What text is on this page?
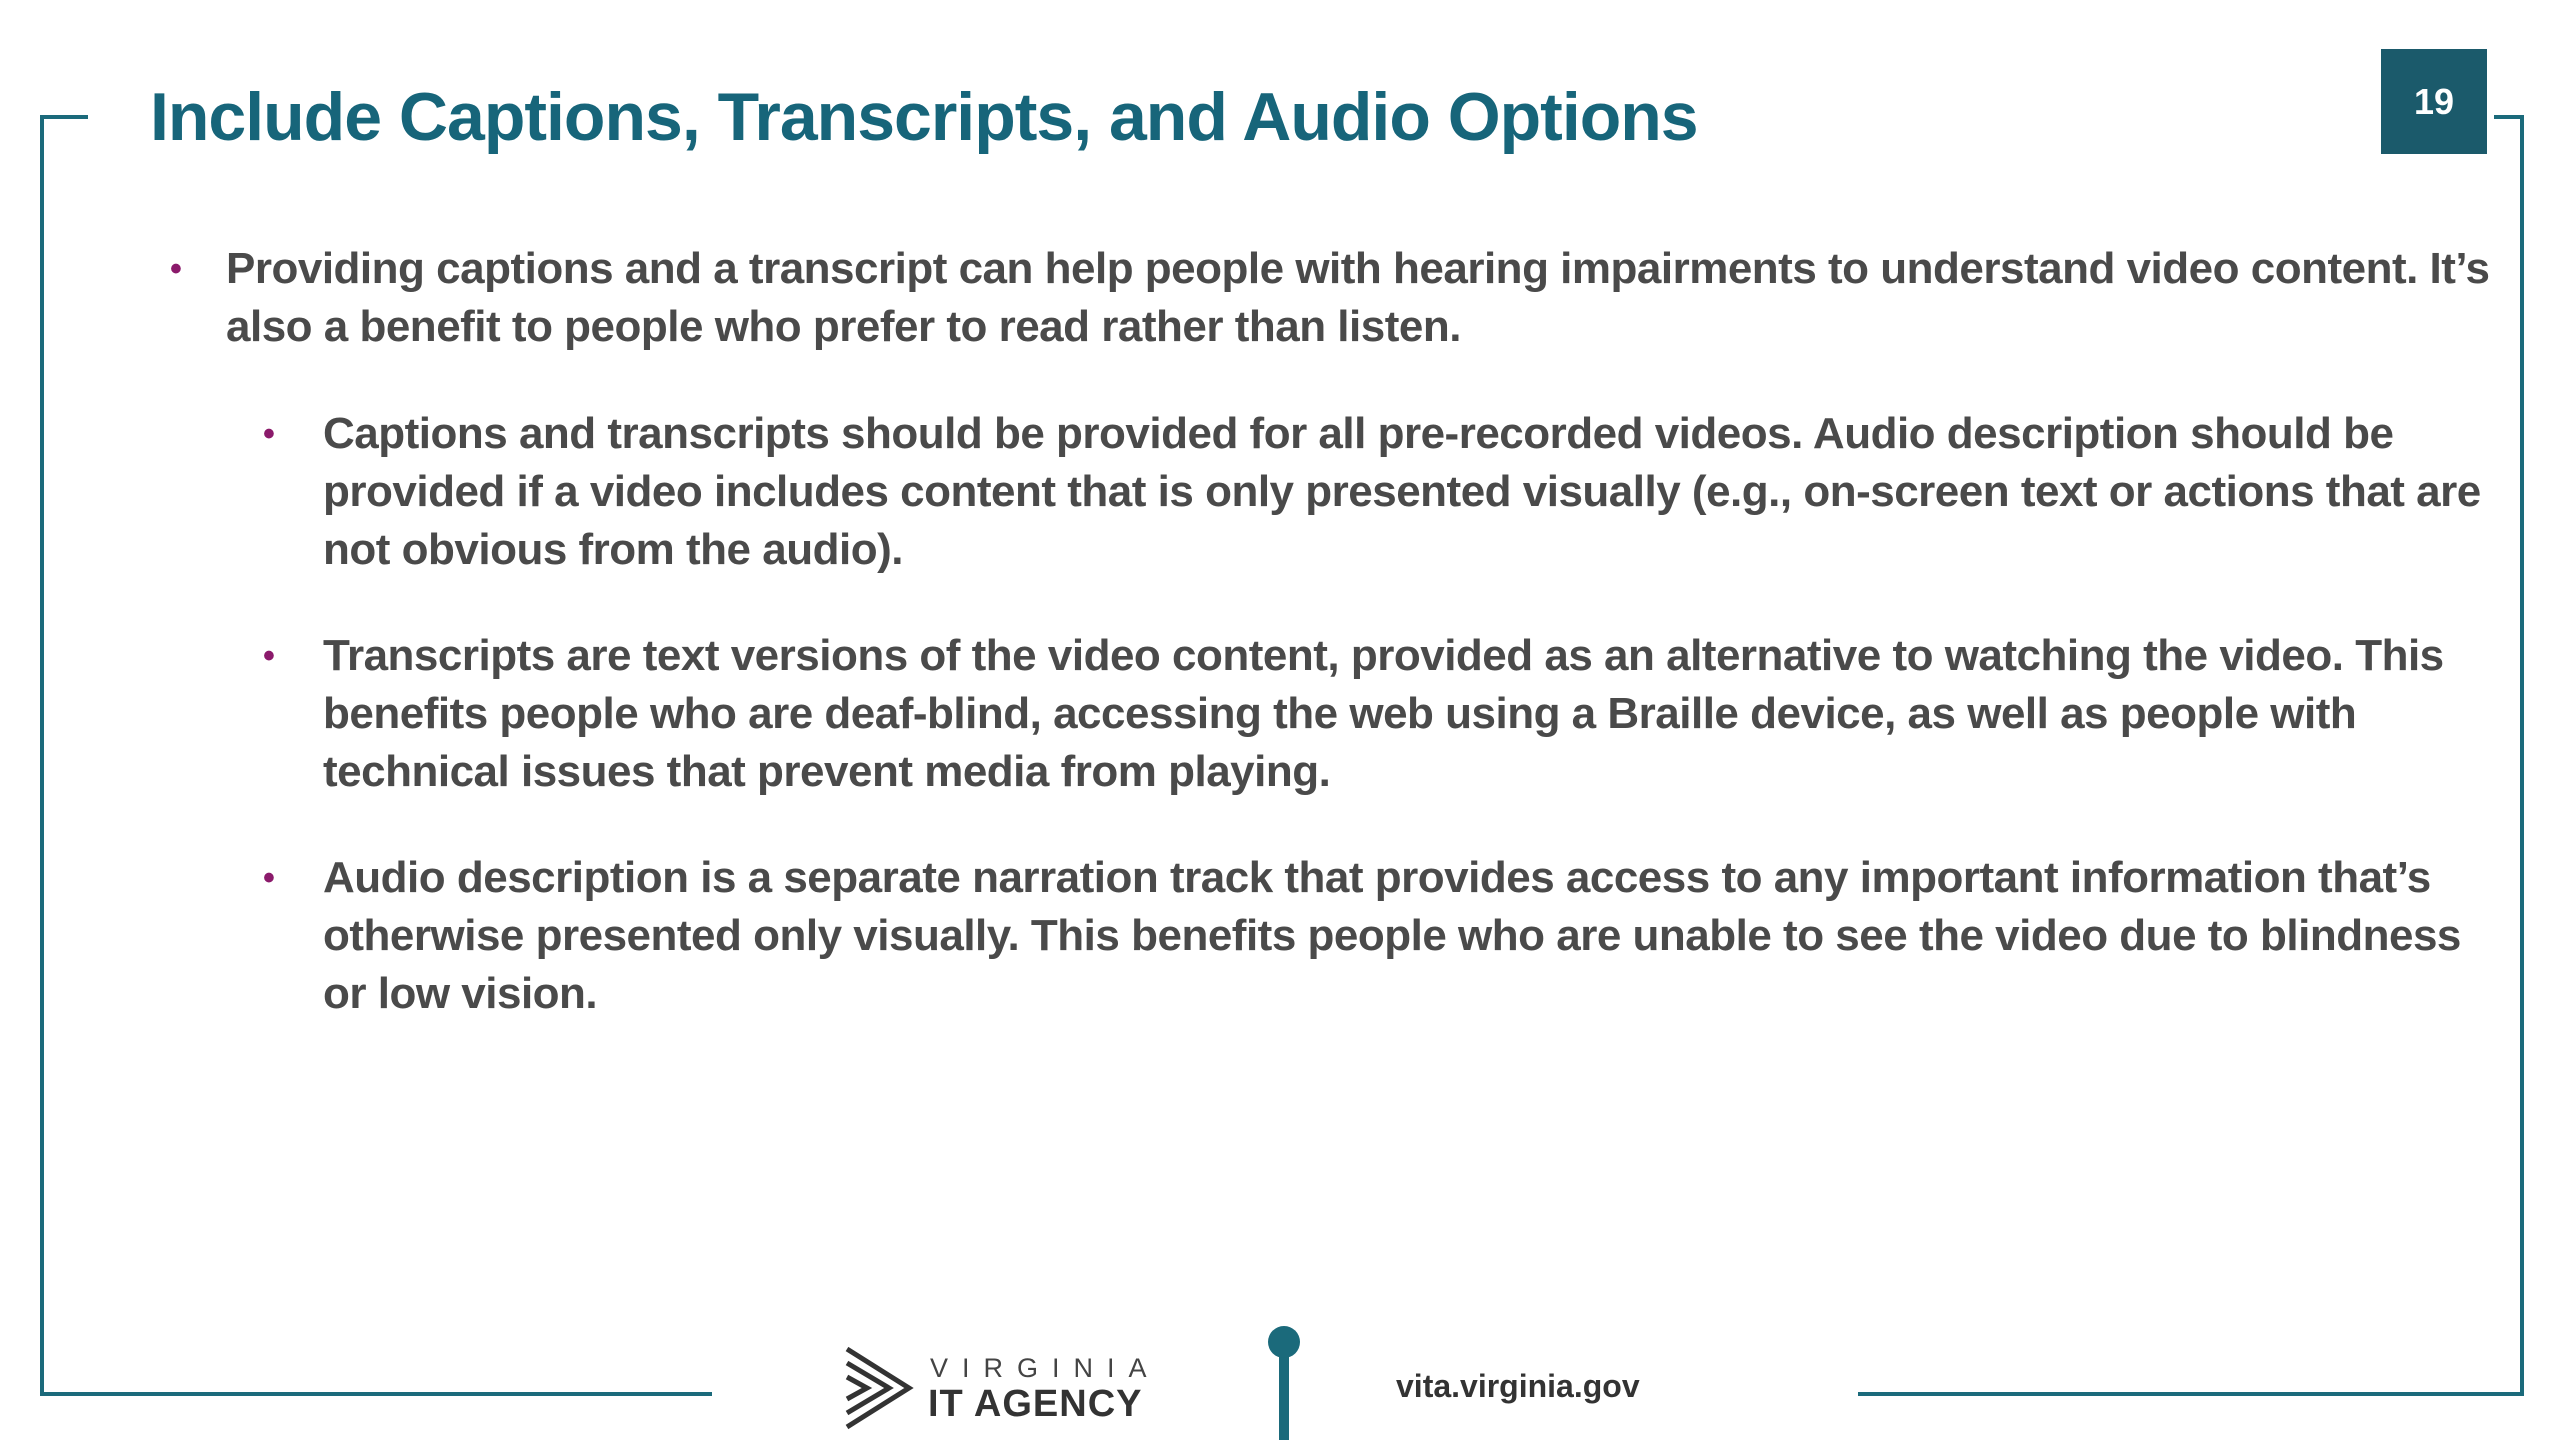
Include Captions, Transcripts, and Audio Options	19
• Providing captions and a transcript can help people with hearing impairments to understand video content. It’s also a benefit to people who prefer to read rather than listen.
• Captions and transcripts should be provided for all pre-recorded videos. Audio description should be provided if a video includes content that is only presented visually (e.g., on-screen text or actions that are not obvious from the audio).
• Transcripts are text versions of the video content, provided as an alternative to watching the video. This benefits people who are deaf-blind, accessing the web using a Braille device, as well as people with technical issues that prevent media from playing.
• Audio description is a separate narration track that provides access to any important information that’s otherwise presented only visually. This benefits people who are unable to see the video due to blindness or low vision.
VIRGINIA
IT AGENCY	vita.virginia.gov
